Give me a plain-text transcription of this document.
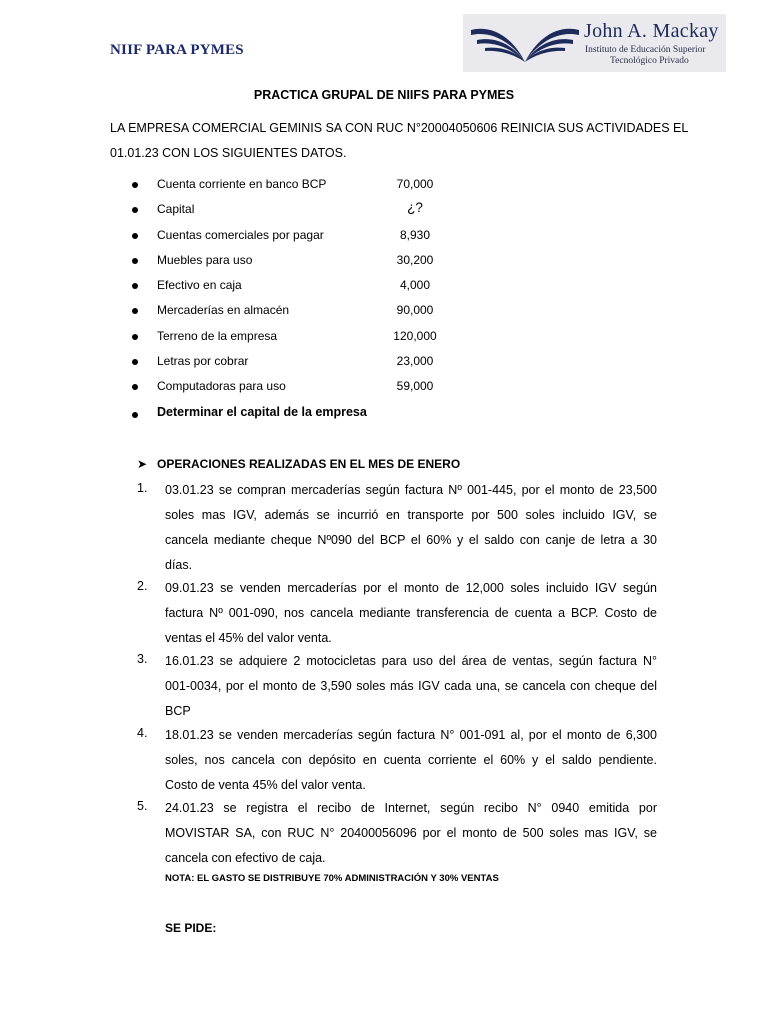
NIIF PARA PYMES
John A. Mackay
Instituto de Educación Superior
Tecnológico Privado
PRACTICA GRUPAL DE NIIFS PARA PYMES
LA EMPRESA COMERCIAL GEMINIS SA CON RUC N°20004050606 REINICIA SUS ACTIVIDADES EL
01.01.23 CON LOS SIGUIENTES DATOS.
Cuenta corriente en banco BCP	70,000
Capital	¿?
Cuentas comerciales por pagar	8,930
Muebles para uso	30,200
Efectivo en caja	4,000
Mercaderías en almacén	90,000
Terreno de la empresa	120,000
Letras por cobrar	23,000
Computadoras para uso	59,000
Determinar el capital de la empresa
➤ OPERACIONES REALIZADAS EN EL MES DE ENERO
1. 03.01.23 se compran mercaderías según factura Nº 001-445, por el monto de 23,500
soles mas IGV, además se incurrió en transporte por 500 soles incluido IGV, se
cancela mediante cheque Nº090 del BCP el 60% y el saldo con canje de letra a 30
días.
2. 09.01.23 se venden mercaderías por el monto de 12,000 soles incluido IGV según
factura Nº 001-090, nos cancela mediante transferencia de cuenta a BCP. Costo de
ventas el 45% del valor venta.
3. 16.01.23 se adquiere 2 motocicletas para uso del área de ventas, según factura N°
001-0034, por el monto de 3,590 soles más IGV cada una, se cancela con cheque del
BCP
4. 18.01.23 se venden mercaderías según factura N° 001-091 al, por el monto de 6,300
soles, nos cancela con depósito en cuenta corriente el 60% y el saldo pendiente.
Costo de venta 45% del valor venta.
5. 24.01.23 se registra el recibo de Internet, según recibo N° 0940 emitida por
MOVISTAR SA, con RUC N° 20400056096 por el monto de 500 soles mas IGV, se
cancela con efectivo de caja.
NOTA: EL GASTO SE DISTRIBUYE 70% ADMINISTRACIÓN Y 30% VENTAS
SE PIDE:
